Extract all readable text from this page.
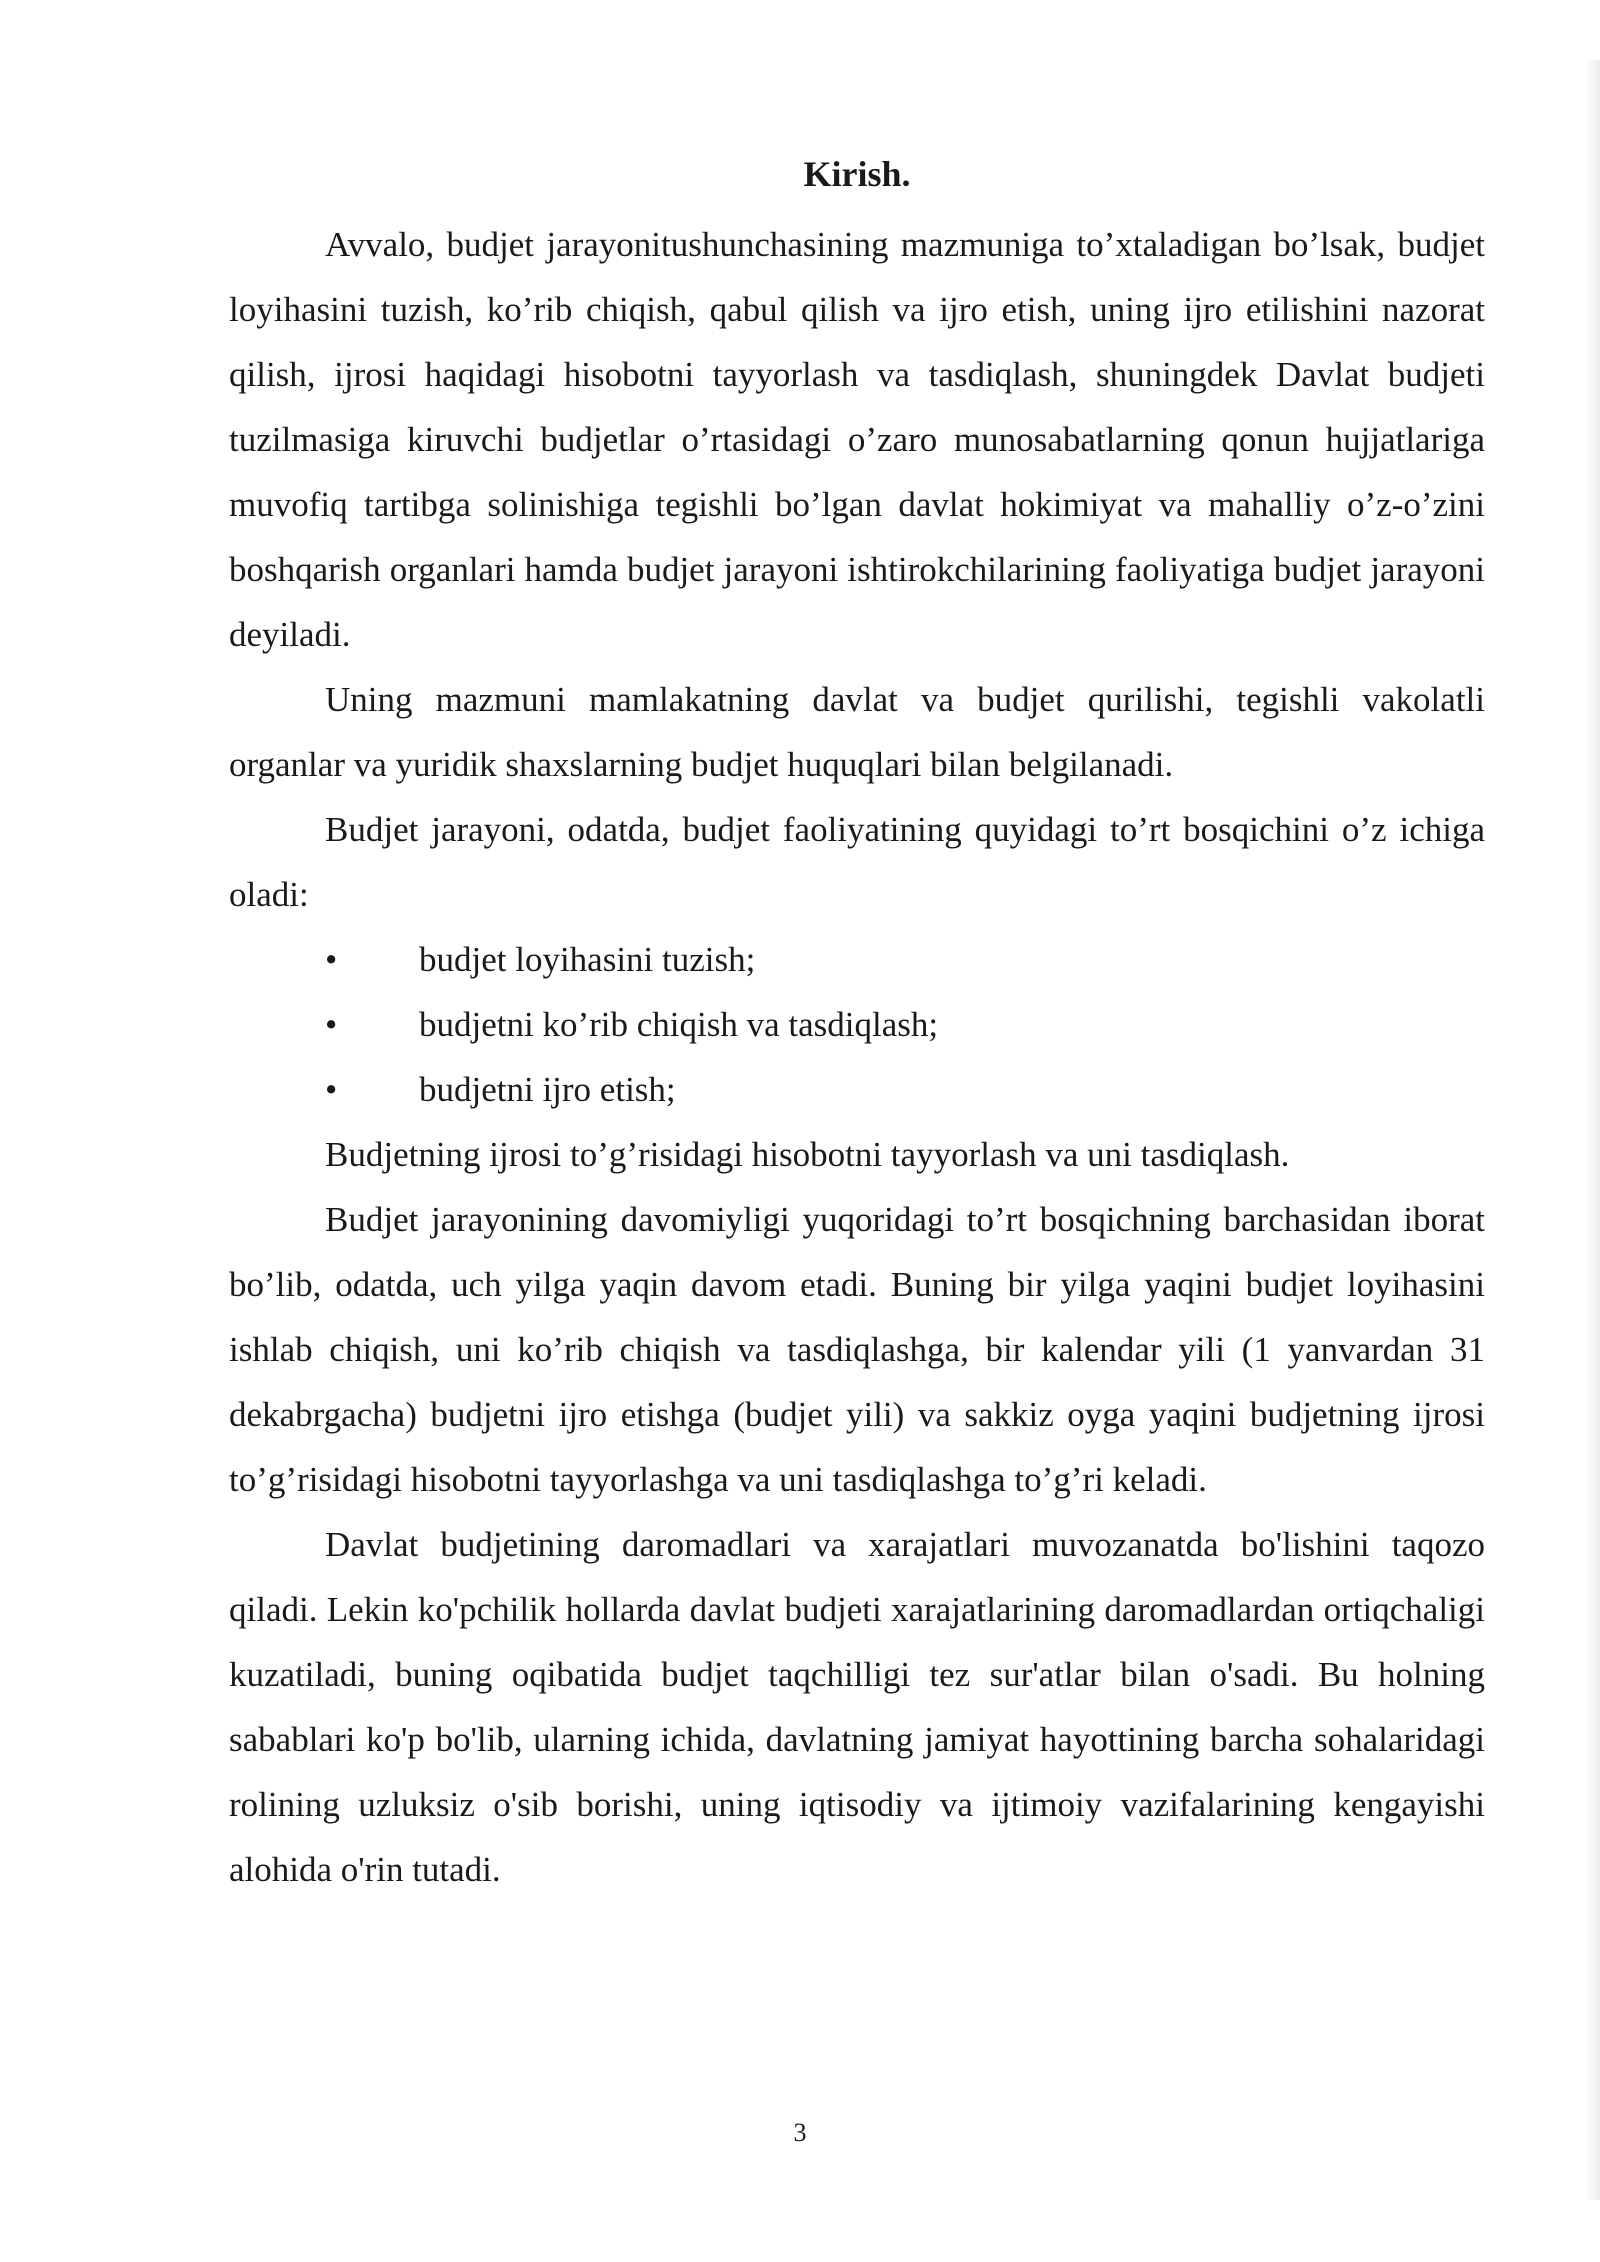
Kirish.

Avvalo, budjet jarayonitushunchasining mazmuniga to’xtaladigan bo’lsak, budjet loyihasini tuzish, ko’rib chiqish, qabul qilish va ijro etish, uning ijro etilishini nazorat qilish, ijrosi haqidagi hisobotni tayyorlash va tasdiqlash, shuningdek Davlat budjeti tuzilmasiga kiruvchi budjetlar o’rtasidagi o’zaro munosabatlarning qonun hujjatlariga muvofiq tartibga solinishiga tegishli bo’lgan davlat hokimiyat va mahalliy o’z-o’zini boshqarish organlari hamda budjet jarayoni ishtirokchilarining faoliyatiga budjet jarayoni deyiladi.

Uning mazmuni mamlakatning davlat va budjet qurilishi, tegishli vakolatli organlar va yuridik shaxslarning budjet huquqlari bilan belgilanadi.

Budjet jarayoni, odatda, budjet faoliyatining quyidagi to’rt bosqichini o’z ichiga oladi:

• budjet loyihasini tuzish;
• budjetni ko’rib chiqish va tasdiqlash;
• budjetni ijro etish;

Budjetning ijrosi to’g’risidagi hisobotni tayyorlash va uni tasdiqlash.

Budjet jarayonining davomiyligi yuqoridagi to’rt bosqichning barchasidan iborat bo’lib, odatda, uch yilga yaqin davom etadi. Buning bir yilga yaqini budjet loyihasini ishlab chiqish, uni ko’rib chiqish va tasdiqlashga, bir kalendar yili (1 yanvardan 31 dekabrgacha) budjetni ijro etishga (budjet yili) va sakkiz oyga yaqini budjetning ijrosi to’g’risidagi hisobotni tayyorlashga va uni tasdiqlashga to’g’ri keladi.

Davlat budjetining daromadlari va xarajatlari muvozanatda bo'lishini taqozo qiladi. Lekin ko'pchilik hollarda davlat budjeti xarajatlarining daromadlardan ortiqchaligi kuzatiladi, buning oqibatida budjet taqchilligi tez sur'atlar bilan o'sadi. Bu holning sabablari ko'p bo'lib, ularning ichida, davlatning jamiyat hayottining barcha sohalaridagi rolining uzluksiz o'sib borishi, uning iqtisodiy va ijtimoiy vazifalarining kengayishi alohida o'rin tutadi.

3
